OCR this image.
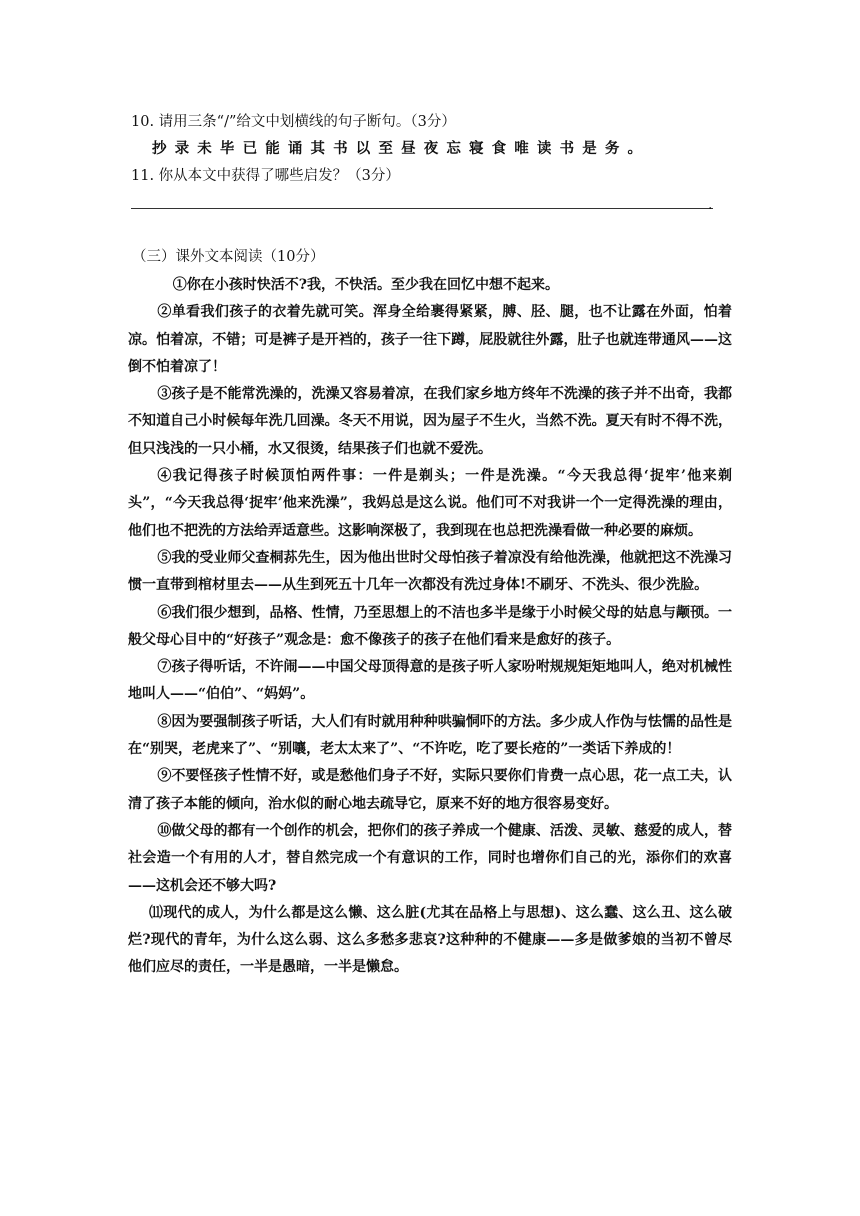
10. 请用三条“/”给文中划横线的句子断句。（3分）
抄录未毕已能诵其书以至昼夜忘寝食唯读书是务。
11. 你从本文中获得了哪些启发？（3分）
.
（三）课外文本阅读（10分）

①你在小孩时快活不?我，不快活。至少我在回忆中想不起来。

②单看我们孩子的衣着先就可笑。浑身全给裹得紧紧，膊、胫、腿，也不让露在外面，怕着凉。怕着凉，不错；可是裤子是开裆的，孩子一往下蹲，屁股就往外露，肚子也就连带通风——这倒不怕着凉了！

③孩子是不能常洗澡的，洗澡又容易着凉，在我们家乡地方终年不洗澡的孩子并不出奇，我都不知道自己小时候每年洗几回澡。冬天不用说，因为屋子不生火，当然不洗。夏天有时不得不洗，但只浅浅的一只小桶，水又很烫，结果孩子们也就不爱洗。

④我记得孩子时候顶怕两件事：一件是剃头；一件是洗澡。“今天我总得‘捉牢’他来剃头”，“今天我总得‘捉牢’他来洗澡”，我妈总是这么说。他们可不对我讲一个一定得洗澡的理由，他们也不把洗的方法给弄适意些。这影响深极了，我到现在也总把洗澡看做一种必要的麻烦。

⑤我的受业师父查桐荪先生，因为他出世时父母怕孩子着凉没有给他洗澡，他就把这不洗澡习惯一直带到棺材里去——从生到死五十几年一次都没有洗过身体!不刷牙、不洗头、很少洗脸。

⑥我们很少想到，品格、性情，乃至思想上的不洁也多半是缘于小时候父母的姑息与颟顸。一般父母心目中的“好孩子”观念是：愈不像孩子的孩子在他们看来是愈好的孩子。

⑦孩子得听话，不许闹——中国父母顶得意的是孩子听人家吩咐规规矩矩地叫人，绝对机械性地叫人——“伯伯”、“妈妈”。

⑧因为要强制孩子听话，大人们有时就用种种哄骗恫吓的方法。多少成人作伪与怯懦的品性是在“别哭，老虎来了”、“别嚷，老太太来了”、“不许吃，吃了要长疮的”一类话下养成的！

⑨不要怪孩子性情不好，或是愁他们身子不好，实际只要你们肯费一点心思，花一点工夫，认清了孩子本能的倾向，治水似的耐心地去疏导它，原来不好的地方很容易变好。

⑩做父母的都有一个创作的机会，把你们的孩子养成一个健康、活泼、灵敏、慈爱的成人，替社会造一个有用的人才，替自然完成一个有意识的工作，同时也增你们自己的光，添你们的欢喜——这机会还不够大吗?

⑾现代的成人，为什么都是这么懒、这么脏(尤其在品格上与思想)、这么蠢、这么丑、这么破烂?现代的青年，为什么这么弱、这么多愁多悲哀?这种种的不健康——多是做爹娘的当初不曾尽他们应尽的责任，一半是愚暗，一半是懒怠。
